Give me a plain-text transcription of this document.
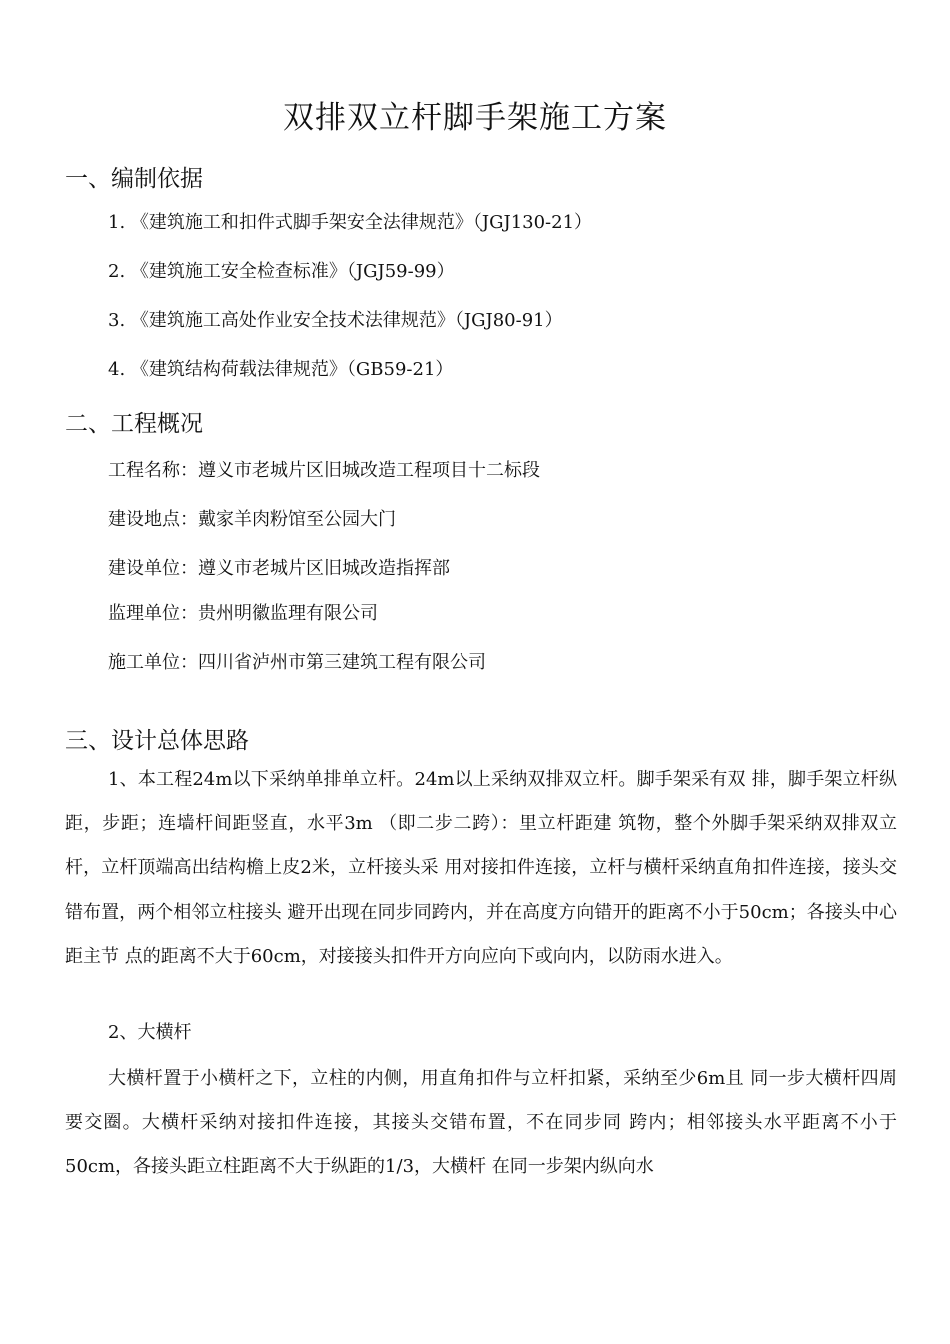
双排双立杆脚手架施工方案
一、编制依据
1. 《建筑施工和扣件式脚手架安全法律规范》（JGJ130-21）
2. 《建筑施工安全检查标准》（JGJ59-99）
3. 《建筑施工高处作业安全技术法律规范》（JGJ80-91）
4. 《建筑结构荷载法律规范》（GB59-21）
二、工程概况
工程名称：遵义市老城片区旧城改造工程项目十二标段
建设地点：戴家羊肉粉馆至公园大门
建设单位：遵义市老城片区旧城改造指挥部
监理单位：贵州明徽监理有限公司
施工单位：四川省泸州市第三建筑工程有限公司
三、设计总体思路

1、本工程24m以下采纳单排单立杆。24m以上采纳双排双立杆。脚手架采有双 排，脚手架立杆纵距，步距；连墙杆间距竖直，水平3m （即二步二跨）：里立杆距建 筑物，整个外脚手架采纳双排双立杆，立杆顶端高出结构檐上皮2米，立杆接头采 用对接扣件连接，立杆与横杆采纳直角扣件连接，接头交错布置，两个相邻立柱接头 避开出现在同步同跨内，并在高度方向错开的距离不小于50cm；各接头中心距主节 点的距离不大于60cm，对接接头扣件开方向应向下或向内，以防雨水进入。

2、大横杆

大横杆置于小横杆之下，立柱的内侧，用直角扣件与立杆扣紧，采纳至少6m且 同一步大横杆四周要交圈。大横杆采纳对接扣件连接，其接头交错布置，不在同步同 跨内；相邻接头水平距离不小于50cm，各接头距立柱距离不大于纵距的1/3，大横杆 在同一步架内纵向水
